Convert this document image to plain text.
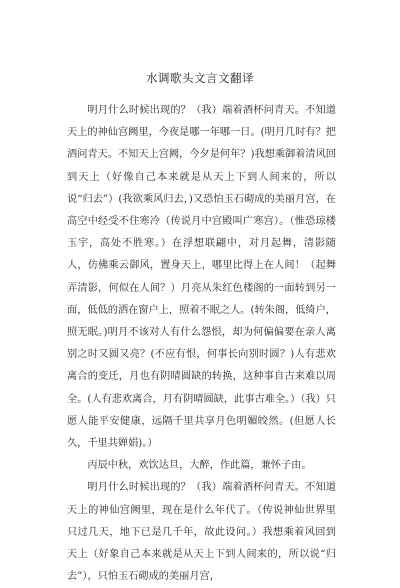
水调歌头文言文翻译

明月什么时候出现的？（我）端着酒杯问青天。不知道天上的神仙宫阙里，今夜是哪一年哪一日。(明月几时有？把酒问青天。不知天上宫阙，今夕是何年？)我想乘御着清风回到天上（好像自己本来就是从天上下到人间来的，所以说“归去”）(我欲乘风归去，)又恐怕玉石砌成的美丽月宫，在高空中经受不住寒冷（传说月中宫殿叫广寒宫）。（惟恐琼楼玉宇，高处不胜寒。）在浮想联翩中，对月起舞，清影随人，仿佛乘云御风，置身天上，哪里比得上在人间！（起舞弄清影，何似在人间？）月亮从朱红色楼阁的一面转到另一面，低低的洒在窗户上，照着不眠之人。(转朱阁，低绮户，照无眠。)明月不该对人有什么怨恨，却为何偏偏要在亲人离别之时又圆又亮？(不应有恨，何事长向别时圆？)人有悲欢离合的变迁，月也有阴晴圆缺的转换，这种事自古来难以周全。(人有悲欢离合，月有阴晴圆缺，此事古难全。）（我）只愿人能平安健康，远隔千里共享月色明媚皎然。(但愿人长久，千里共婵娟)。）

丙辰中秋，欢饮达旦，大醉，作此篇，兼怀子由。

明月什么时候出现的？（我）端着酒杯问青天。不知道天上的神仙宫阙里，现在是什么年代了。（传说神仙世界里只过几天，地下已是几千年，故此设问。）我想乘着风回到天上（好象自己本来就是从天上下到人间来的，所以说“归去”），只怕玉石砌成的美丽月宫，
